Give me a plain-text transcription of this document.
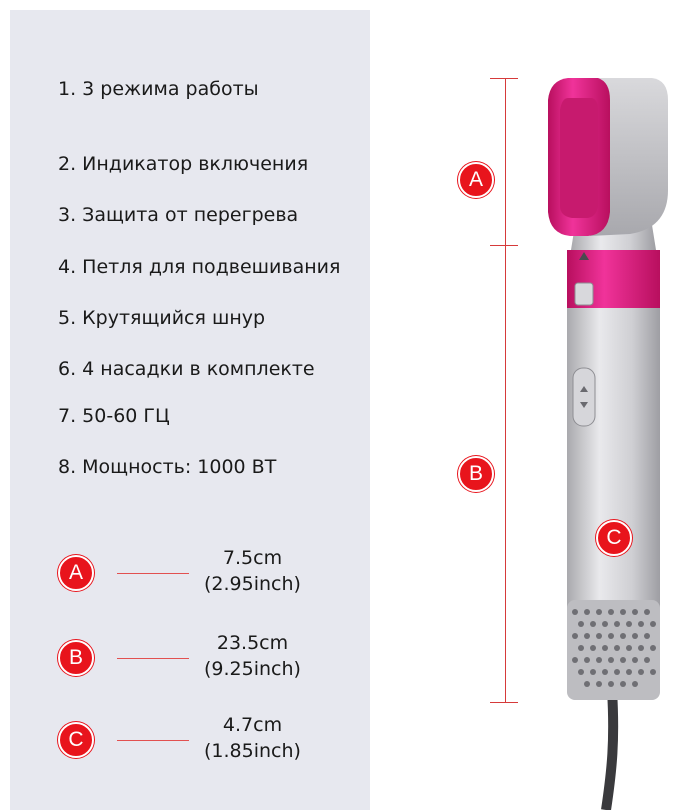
1. 3 режима работы
2. Индикатор включения
3. Защита от перегрева
4. Петля для подвешивания
5. Крутящийся шнур
6. 4 насадки в комплекте
7. 50-60 ГЦ
8. Мощность: 1000 ВТ
A
7.5cm
(2.95inch)
B
23.5cm
(9.25inch)
C
4.7cm
(1.85inch)
A
B
C
